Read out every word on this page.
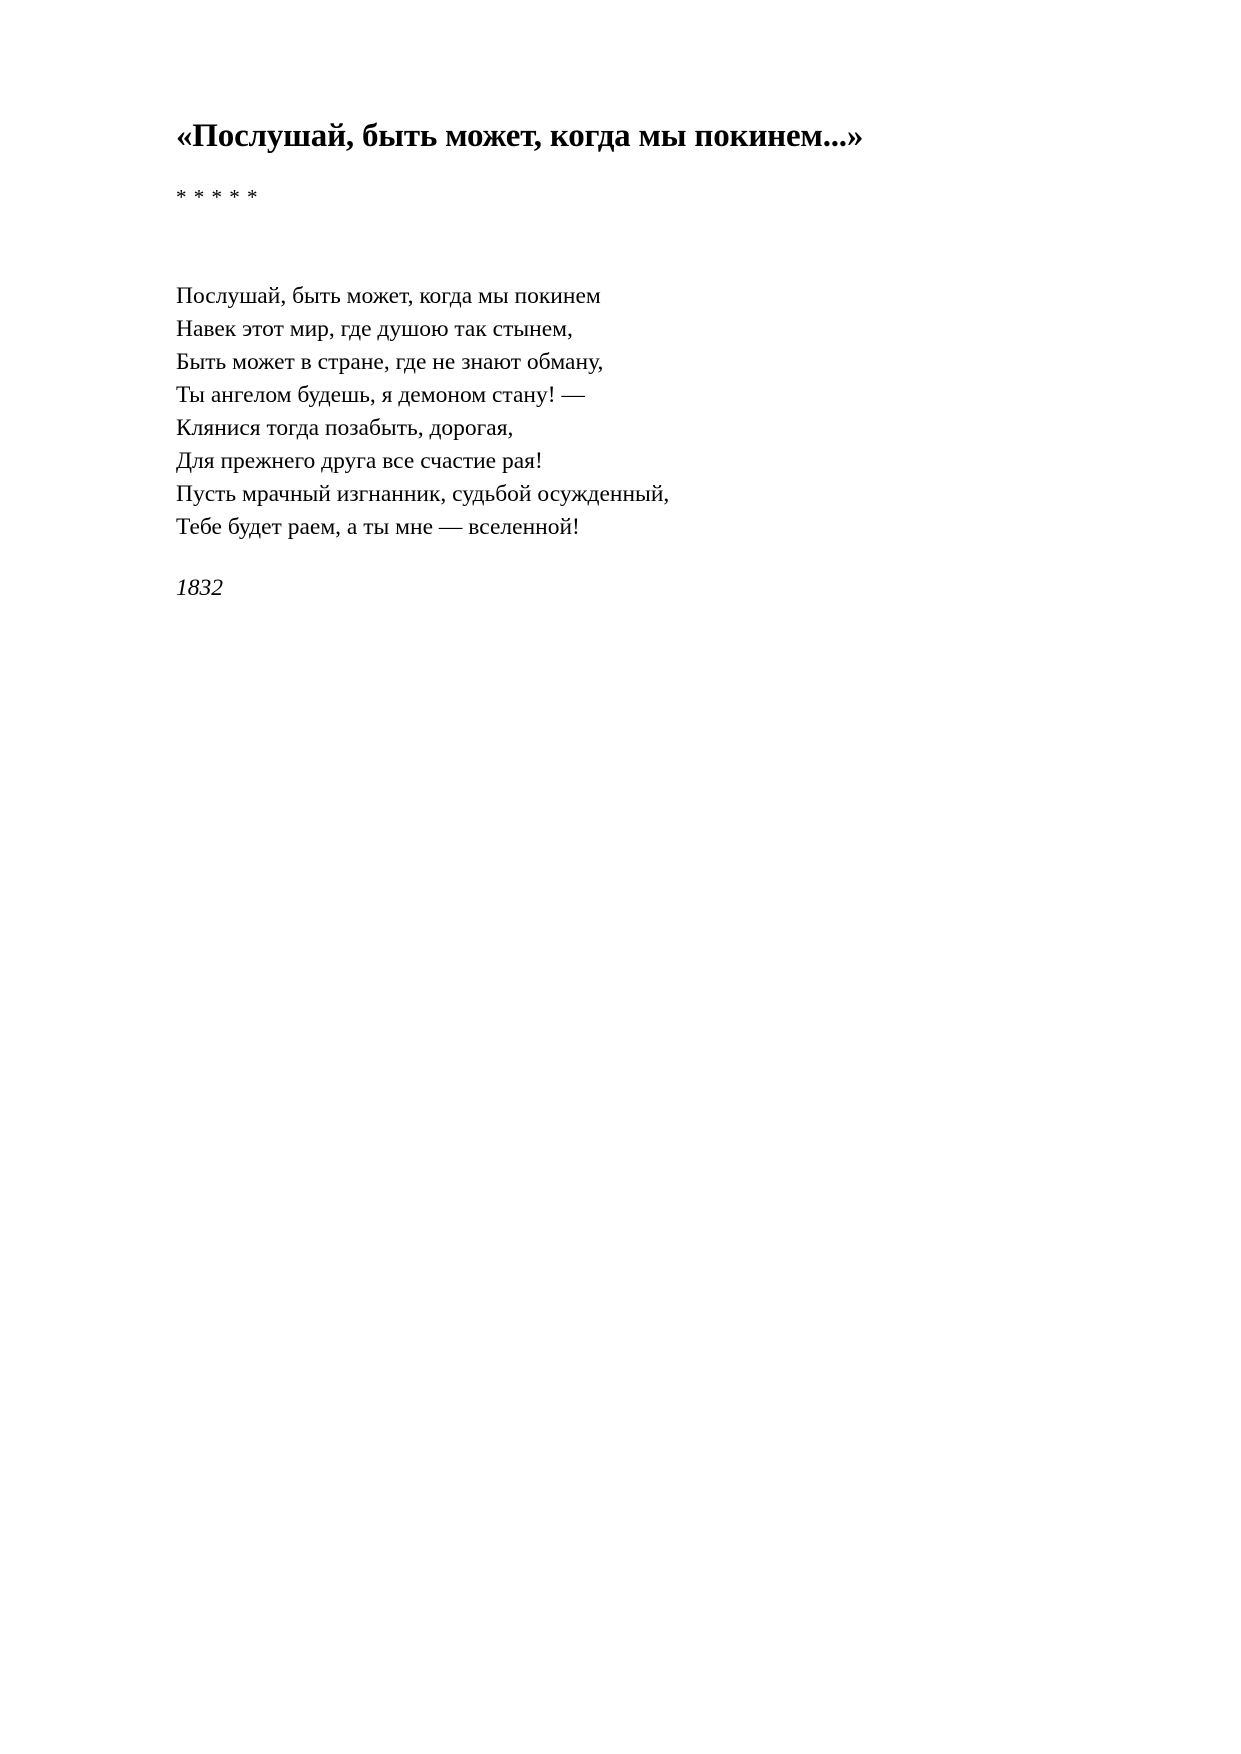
«Послушай, быть может, когда мы покинем...»
* * * * *
Послушай, быть может, когда мы покинем
Навек этот мир, где душою так стынем,
Быть может в стране, где не знают обману,
Ты ангелом будешь, я демоном стану! —
Клянися тогда позабыть, дорогая,
Для прежнего друга все счастие рая!
Пусть мрачный изгнанник, судьбой осужденный,
Тебе будет раем, а ты мне — вселенной!
1832
